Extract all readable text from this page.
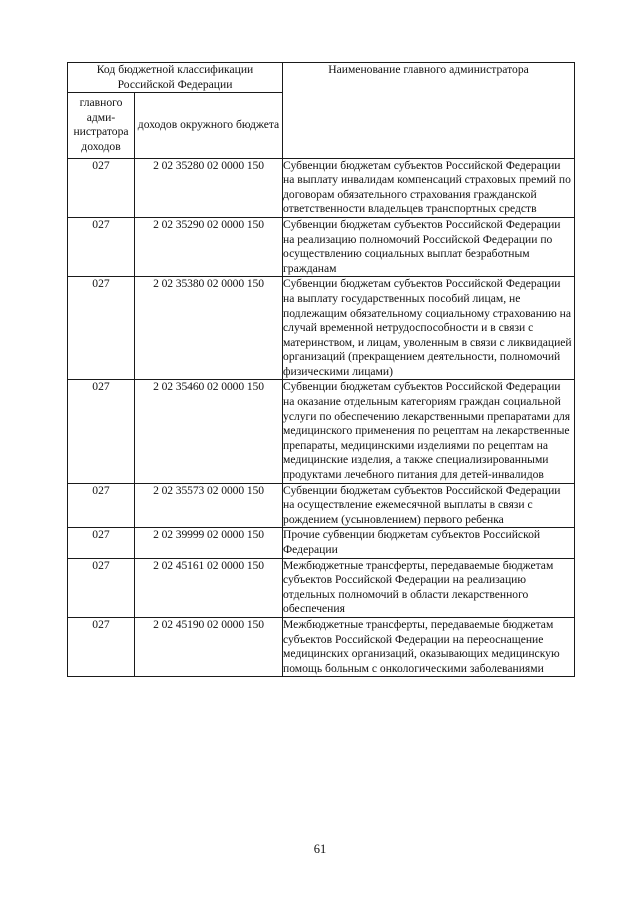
Код бюджетной классификации Российской Федерации		Наименование главного администратора
главного адми-нистратора доходов	доходов окружного бюджета	
027	2 02 35280 02 0000 150	Субвенции бюджетам субъектов Российской Федерации на выплату инвалидам компенсаций страховых премий по договорам обязательного страхования гражданской ответственности владельцев транспортных средств
027	2 02 35290 02 0000 150	Субвенции бюджетам субъектов Российской Федерации на реализацию полномочий Российской Федерации по осуществлению социальных выплат безработным гражданам
027	2 02 35380 02 0000 150	Субвенции бюджетам субъектов Российской Федерации на выплату государственных пособий лицам, не подлежащим обязательному социальному страхованию на случай временной нетрудоспособности и в связи с материнством, и лицам, уволенным в связи с ликвидацией организаций (прекращением деятельности, полномочий физическими лицами)
027	2 02 35460 02 0000 150	Субвенции бюджетам субъектов Российской Федерации на оказание отдельным категориям граждан социальной услуги по обеспечению лекарственными препаратами для медицинского применения по рецептам на лекарственные препараты, медицинскими изделиями по рецептам на медицинские изделия, а также специализированными продуктами лечебного питания для детей-инвалидов
027	2 02 35573 02 0000 150	Субвенции бюджетам субъектов Российской Федерации на осуществление ежемесячной выплаты в связи с рождением (усыновлением) первого ребенка
027	2 02 39999 02 0000 150	Прочие субвенции бюджетам субъектов Российской Федерации
027	2 02 45161 02 0000 150	Межбюджетные трансферты, передаваемые бюджетам субъектов Российской Федерации на реализацию отдельных полномочий в области лекарственного обеспечения
027	2 02 45190 02 0000 150	Межбюджетные трансферты, передаваемые бюджетам субъектов Российской Федерации на переоснащение медицинских организаций, оказывающих медицинскую помощь больным с онкологическими заболеваниями
61
